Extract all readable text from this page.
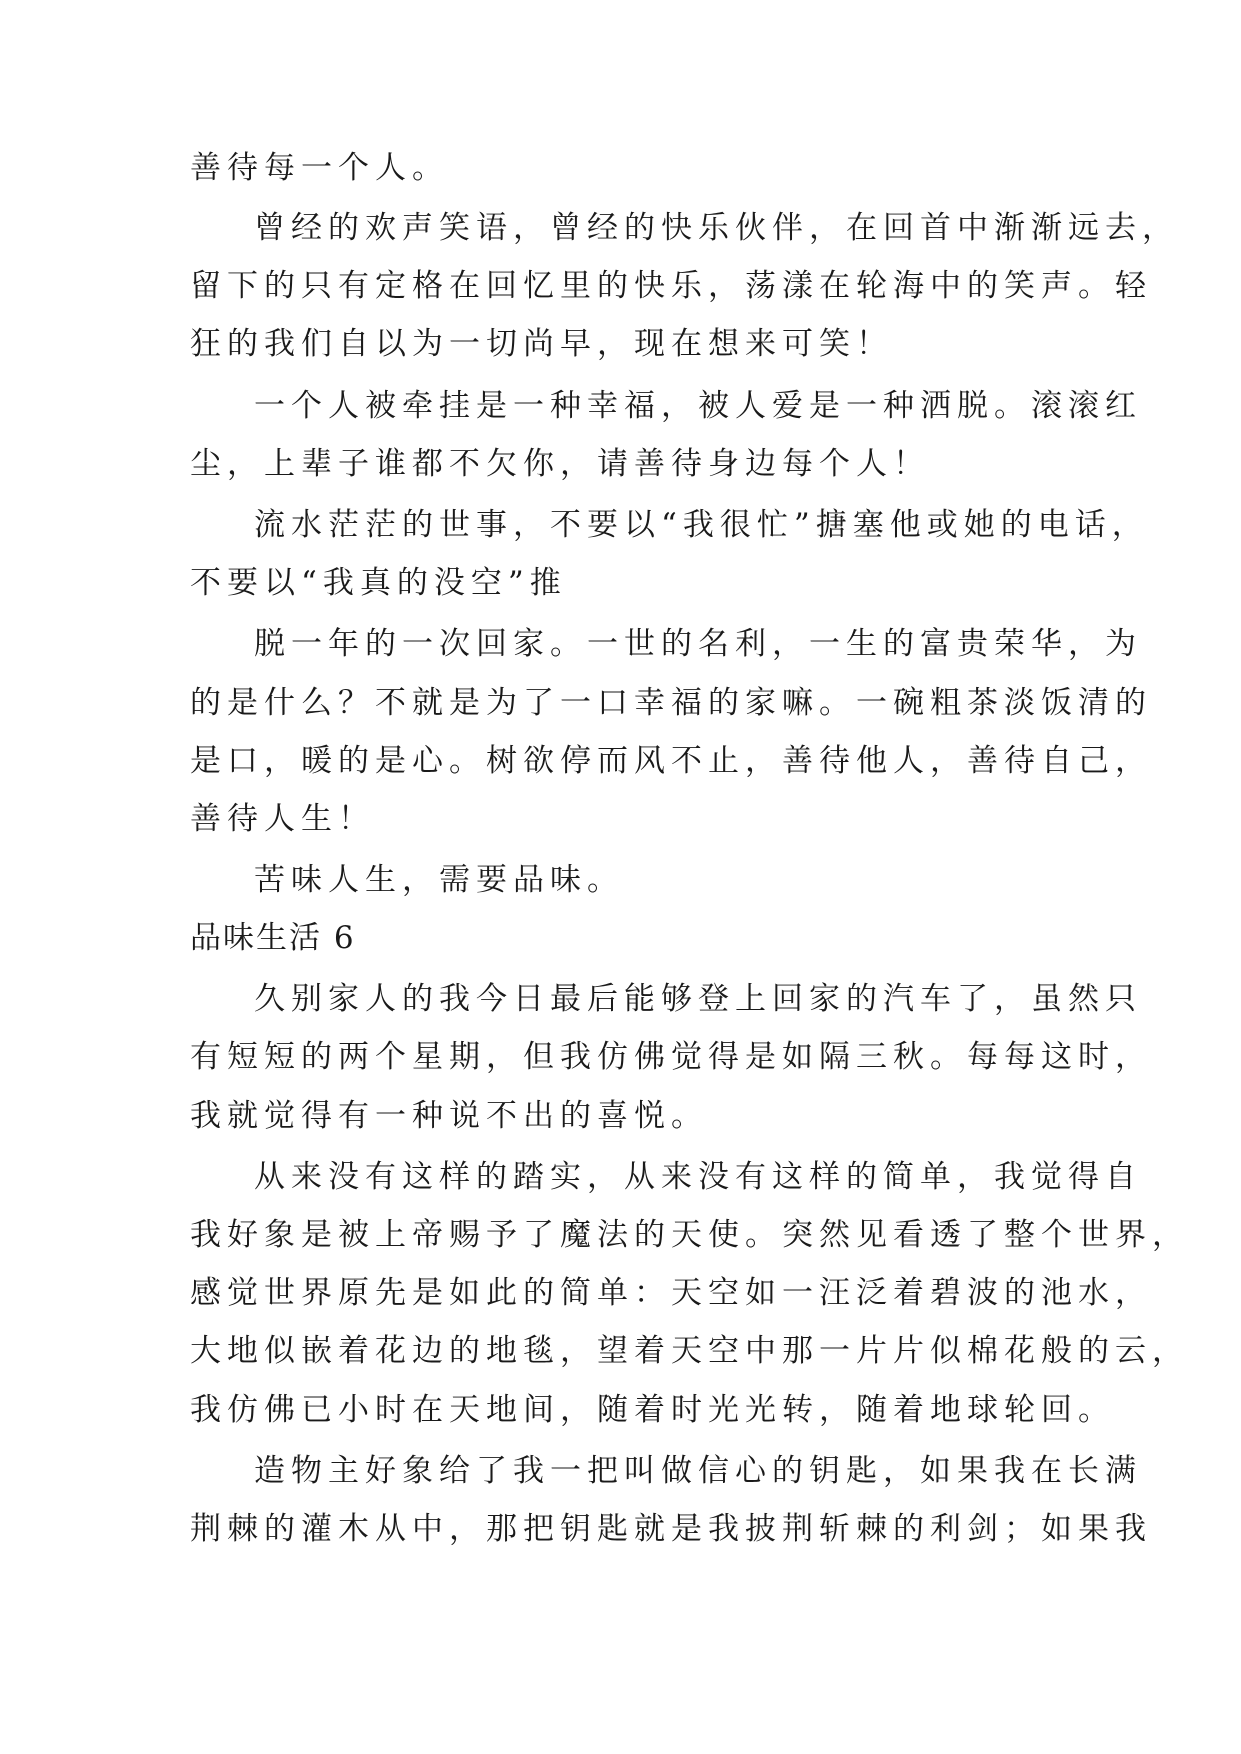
善待每一个人。
曾经的欢声笑语，曾经的快乐伙伴，在回首中渐渐远去，
留下的只有定格在回忆里的快乐，荡漾在轮海中的笑声。轻
狂的我们自以为一切尚早，现在想来可笑！
一个人被牵挂是一种幸福，被人爱是一种洒脱。滚滚红
尘，上辈子谁都不欠你，请善待身边每个人！
流水茫茫的世事，不要以“我很忙”搪塞他或她的电话，
不要以“我真的没空”推
脱一年的一次回家。一世的名利，一生的富贵荣华，为
的是什么？不就是为了一口幸福的家嘛。一碗粗茶淡饭清的
是口，暖的是心。树欲停而风不止，善待他人，善待自己，
善待人生！
苦味人生，需要品味。
品味生活 6
久别家人的我今日最后能够登上回家的汽车了，虽然只
有短短的两个星期，但我仿佛觉得是如隔三秋。每每这时，
我就觉得有一种说不出的喜悦。
从来没有这样的踏实，从来没有这样的简单，我觉得自
我好象是被上帝赐予了魔法的天使。突然见看透了整个世界，
感觉世界原先是如此的简单：天空如一汪泛着碧波的池水，
大地似嵌着花边的地毯，望着天空中那一片片似棉花般的云，
我仿佛已小时在天地间，随着时光光转，随着地球轮回。
造物主好象给了我一把叫做信心的钥匙，如果我在长满
荆棘的灌木从中，那把钥匙就是我披荆斩棘的利剑；如果我
